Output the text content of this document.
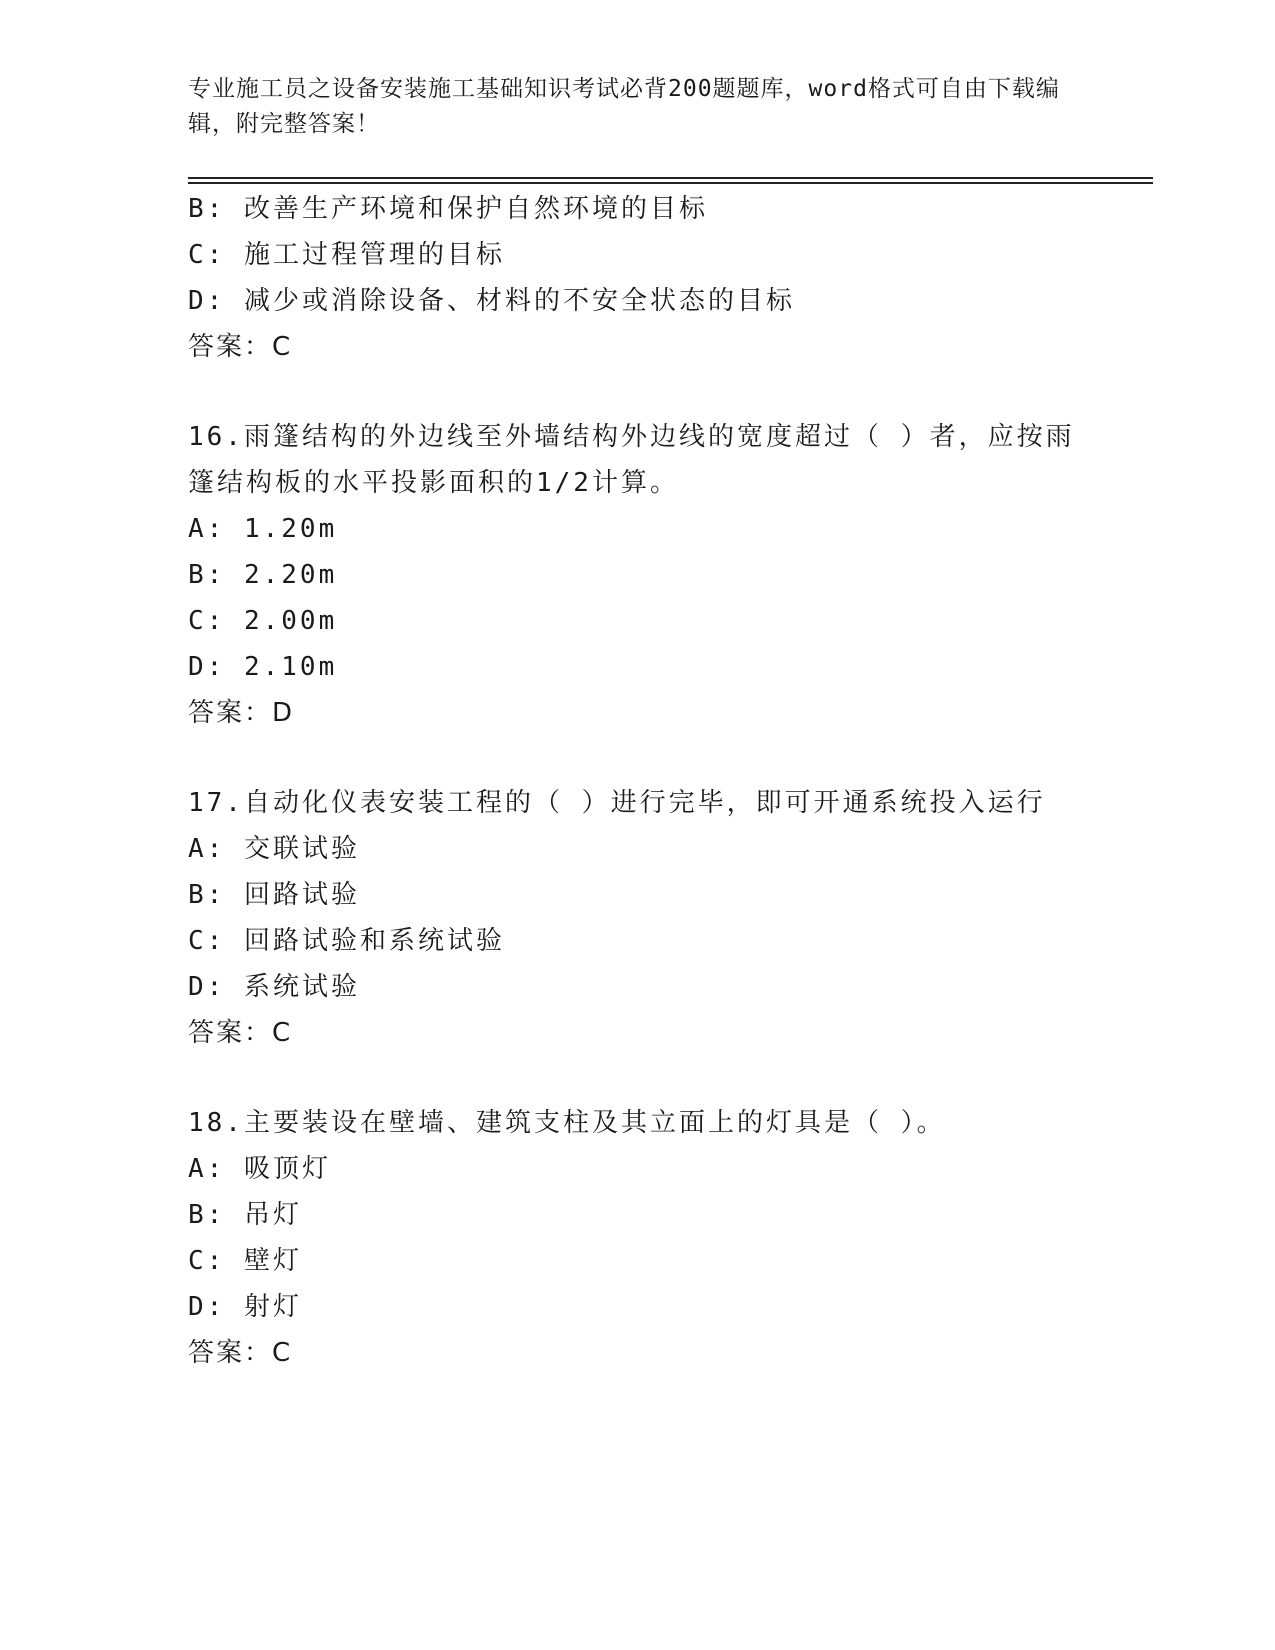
专业施工员之设备安装施工基础知识考试必背200题题库，word格式可自由下载编辑，附完整答案！
B: 改善生产环境和保护自然环境的目标
C: 施工过程管理的目标
D: 减少或消除设备、材料的不安全状态的目标
答案：C
16.雨篷结构的外边线至外墙结构外边线的宽度超过（ ）者，应按雨篷结构板的水平投影面积的1/2计算。
A: 1.20m
B: 2.20m
C: 2.00m
D: 2.10m
答案：D
17.自动化仪表安装工程的（ ）进行完毕，即可开通系统投入运行
A: 交联试验
B: 回路试验
C: 回路试验和系统试验
D: 系统试验
答案：C
18.主要装设在壁墙、建筑支柱及其立面上的灯具是（ ）。
A: 吸顶灯
B: 吊灯
C: 壁灯
D: 射灯
答案：C
